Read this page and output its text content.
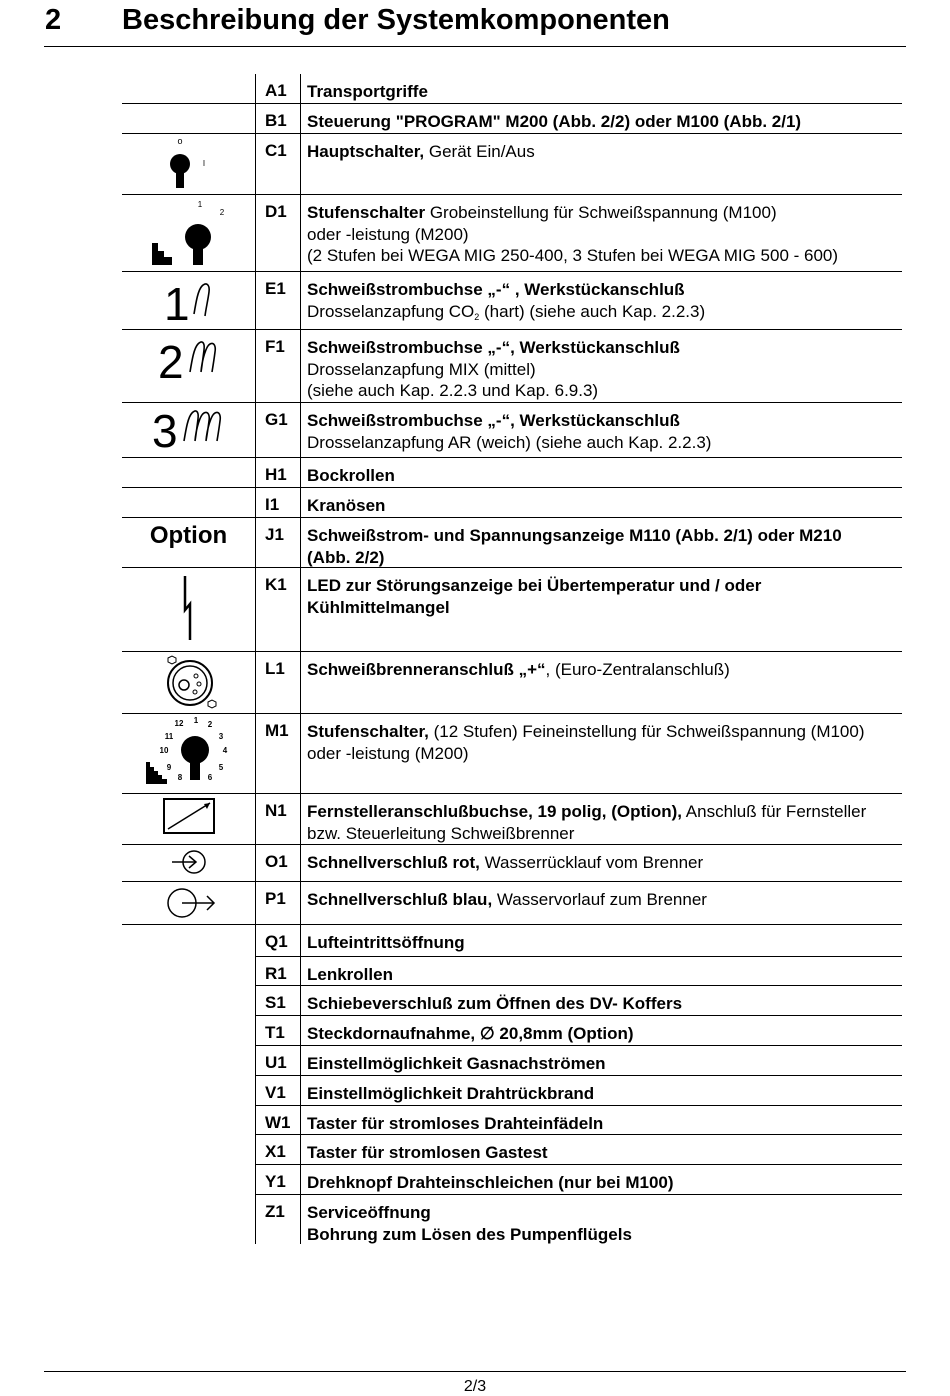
2 Beschreibung der Systemkomponenten
A1 Transportgriffe
B1 Steuerung "PROGRAM" M200 (Abb. 2/2) oder M100 (Abb. 2/1)
o
I
C1 Hauptschalter, Gerät Ein/Aus
1
2 D1 Stufenschalter Grobeinstellung für Schweißspannung (M100)
oder -leistung (M200)
(2 Stufen bei WEGA MIG 250-400, 3 Stufen bei WEGA MIG 500 - 600)
1	E1 Schweißstrombuchse „-“ , Werkstückanschluß
Drosselanzapfung $CO_2$ (hart) (siehe auch Kap. 2.2.3)
2	F1 Schweißstrombuchse „-“, Werkstückanschluß
Drosselanzapfung MIX (mittel)
(siehe auch Kap. 2.2.3 und Kap. 6.9.3)
3	G1 Schweißstrombuchse „-“, Werkstückanschluß
Drosselanzapfung AR (weich) (siehe auch Kap. 2.2.3)
H1 Bockrollen
I1 Kranösen
Option	J1 Schweißstrom- und Spannungsanzeige M110 (Abb. 2/1) oder M210
(Abb. 2/2)
K1 LED zur Störungsanzeige bei Übertemperatur und / oder
Kühlmittelmangel
L1 Schweißbrenneranschluß „+“, (Euro-Zentralanschluß)
12 1 2
11	3
10	4
9	5
8	6
M1 Stufenschalter, (12 Stufen) Feineinstellung für Schweißspannung (M100)
oder -leistung (M200)
N1 Fernstelleranschlußbuchse, 19 polig, (Option), Anschluß für Fernsteller
bzw. Steuerleitung Schweißbrenner
O1 Schnellverschluß rot, Wasserrücklauf vom Brenner
P1 Schnellverschluß blau, Wasservorlauf zum Brenner
Q1 Lufteintrittsöffnung
R1 Lenkrollen
S1 Schiebeverschluß zum Öffnen des DV- Koffers
T1 Steckdornaufnahme, ∅ 20,8mm (Option)
U1 Einstellmöglichkeit Gasnachströmen
V1 Einstellmöglichkeit Drahtrückbrand
W1 Taster für stromloses Drahteinfädeln
X1 Taster für stromlosen Gastest
Y1 Drehknopf Drahteinschleichen (nur bei M100)
Z1 Serviceöffnung
Bohrung zum Lösen des Pumpenflügels
2/3
